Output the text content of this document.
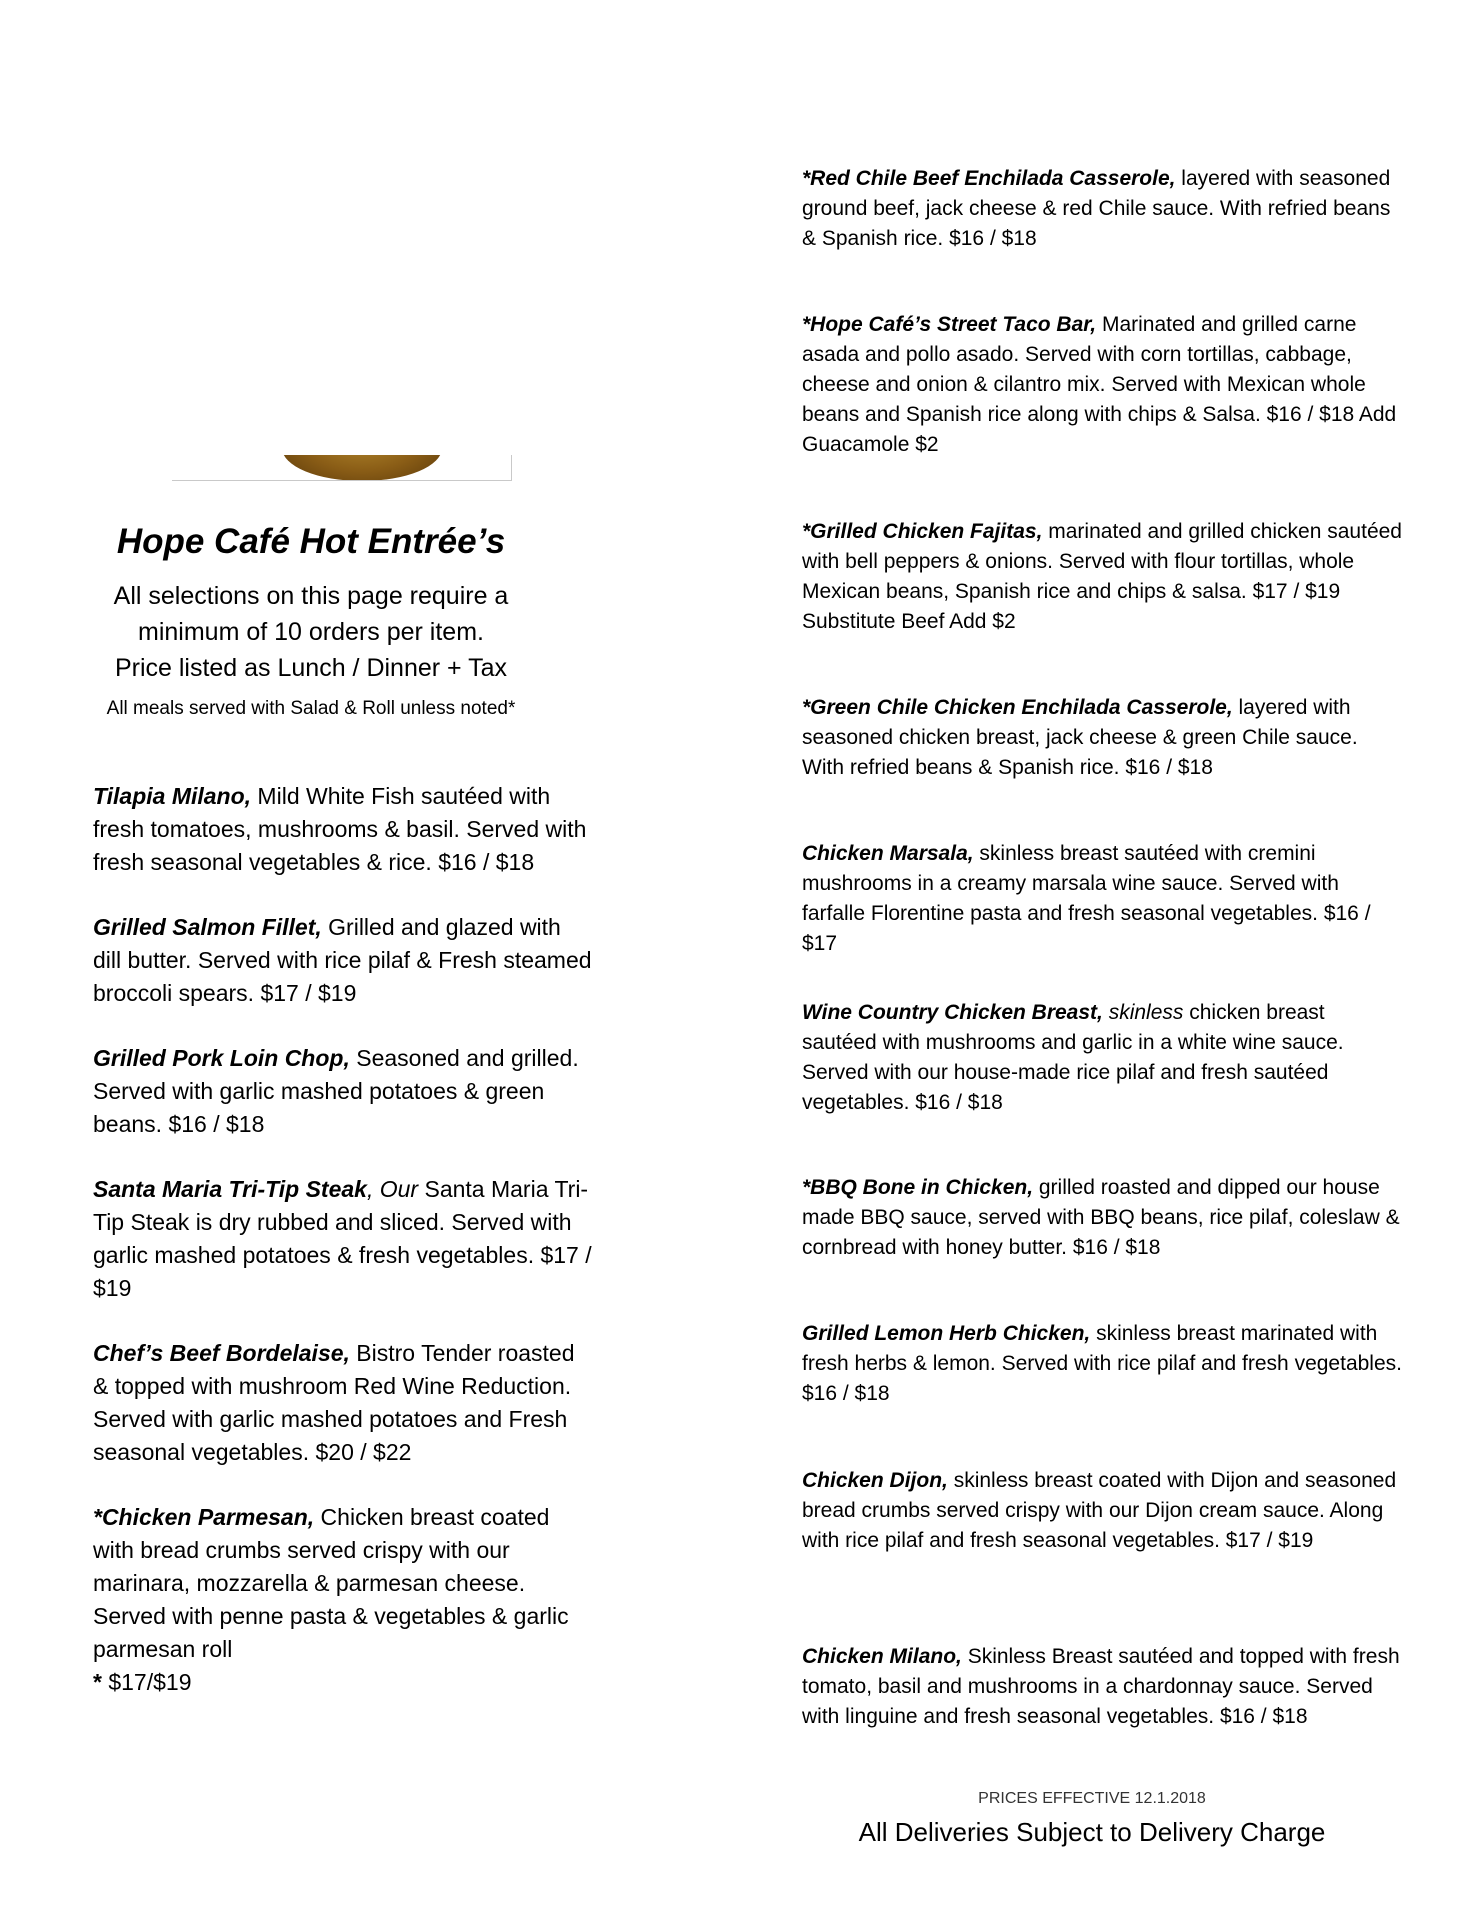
Hope Café Hot Entrée’s

All selections on this page require a

minimum of 10 orders per item.

Price listed as Lunch / Dinner + Tax

All meals served with Salad & Roll unless noted*

Tilapia Milano, Mild White Fish sautéed with fresh tomatoes, mushrooms & basil. Served with fresh seasonal vegetables & rice. $16 / $18

Grilled Salmon Fillet, Grilled and glazed with dill butter. Served with rice pilaf & Fresh steamed broccoli spears. $17 / $19

Grilled Pork Loin Chop, Seasoned and grilled. Served with garlic mashed potatoes & green beans. $16 / $18

Santa Maria Tri-Tip Steak, Our Santa Maria Tri-Tip Steak is dry rubbed and sliced. Served with garlic mashed potatoes & fresh vegetables. $17 / $19

Chef’s Beef Bordelaise, Bistro Tender roasted & topped with mushroom Red Wine Reduction. Served with garlic mashed potatoes and Fresh seasonal vegetables. $20 / $22

*Chicken Parmesan, Chicken breast coated with bread crumbs served crispy with our marinara, mozzarella & parmesan cheese. Served with penne pasta & vegetables & garlic parmesan roll
* $17/$19

*Red Chile Beef Enchilada Casserole, layered with seasoned ground beef, jack cheese & red Chile sauce. With refried beans & Spanish rice. $16 / $18

*Hope Café’s Street Taco Bar, Marinated and grilled carne asada and pollo asado. Served with corn tortillas, cabbage, cheese and onion & cilantro mix. Served with Mexican whole beans and Spanish rice along with chips & Salsa. $16 / $18 Add Guacamole $2

*Grilled Chicken Fajitas, marinated and grilled chicken sautéed with bell peppers & onions. Served with flour tortillas, whole Mexican beans, Spanish rice and chips & salsa. $17 / $19 Substitute Beef Add $2

*Green Chile Chicken Enchilada Casserole, layered with seasoned chicken breast, jack cheese & green Chile sauce. With refried beans & Spanish rice. $16 / $18

Chicken Marsala, skinless breast sautéed with cremini mushrooms in a creamy marsala wine sauce. Served with farfalle Florentine pasta and fresh seasonal vegetables. $16 / $17

Wine Country Chicken Breast, skinless chicken breast sautéed with mushrooms and garlic in a white wine sauce. Served with our house-made rice pilaf and fresh sautéed vegetables. $16 / $18

*BBQ Bone in Chicken, grilled roasted and dipped our house made BBQ sauce, served with BBQ beans, rice pilaf, coleslaw & cornbread with honey butter. $16 / $18

Grilled Lemon Herb Chicken, skinless breast marinated with fresh herbs & lemon. Served with rice pilaf and fresh vegetables. $16 / $18

Chicken Dijon, skinless breast coated with Dijon and seasoned bread crumbs served crispy with our Dijon cream sauce. Along with rice pilaf and fresh seasonal vegetables. $17 / $19

Chicken Milano, Skinless Breast sautéed and topped with fresh tomato, basil and mushrooms in a chardonnay sauce. Served with linguine and fresh seasonal vegetables. $16 / $18

PRICES EFFECTIVE 12.1.2018

All Deliveries Subject to Delivery Charge
